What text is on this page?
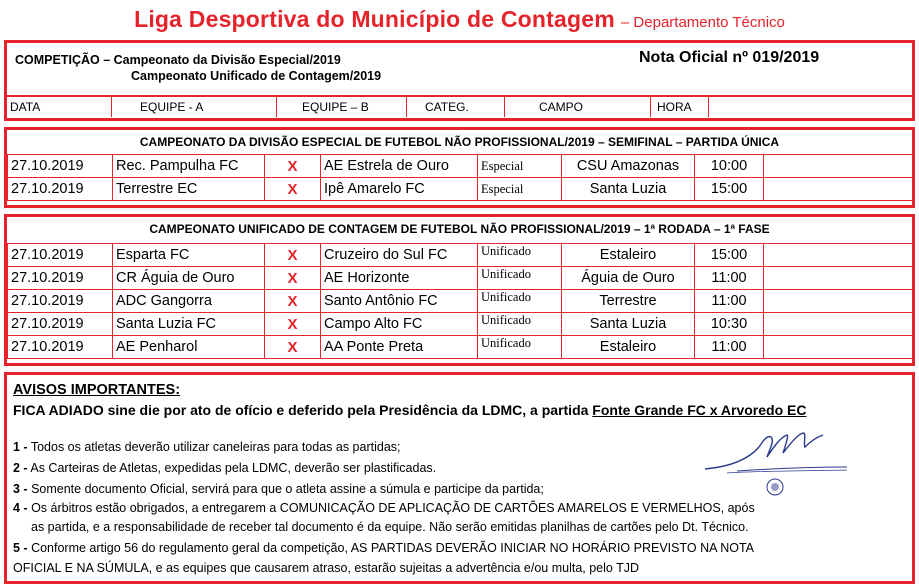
Liga Desportiva do Município de Contagem – Departamento Técnico
COMPETIÇÃO – Campeonato da Divisão Especial/2019
Campeonato Unificado de Contagem/2019
Nota Oficial nº 019/2019
DATA	EQUIPE - A	EQUIPE – B	CATEG.	CAMPO	HORA
CAMPEONATO DA DIVISÃO ESPECIAL DE FUTEBOL NÃO PROFISSIONAL/2019 – SEMIFINAL – PARTIDA ÚNICA
27.10.2019	Rec. Pampulha FC	X	AE Estrela de Ouro	Especial	CSU Amazonas	10:00	
27.10.2019	Terrestre EC	X	Ipê Amarelo FC	Especial	Santa Luzia	15:00	
CAMPEONATO UNIFICADO DE CONTAGEM DE FUTEBOL NÃO PROFISSIONAL/2019 – 1ª RODADA – 1ª FASE
27.10.2019	Esparta FC	X	Cruzeiro do Sul FC	Unificado	Estaleiro	15:00	
27.10.2019	CR Águia de Ouro	X	AE Horizonte	Unificado	Águia de Ouro	11:00	
27.10.2019	ADC Gangorra	X	Santo Antônio FC	Unificado	Terrestre	11:00	
27.10.2019	Santa Luzia FC	X	Campo Alto FC	Unificado	Santa Luzia	10:30	
27.10.2019	AE Penharol	X	AA Ponte Preta	Unificado	Estaleiro	11:00	
AVISOS IMPORTANTES:
FICA ADIADO sine die por ato de ofício e deferido pela Presidência da LDMC, a partida Fonte Grande FC x Arvoredo EC
1 - Todos os atletas deverão utilizar caneleiras para todas as partidas;
2 - As Carteiras de Atletas, expedidas pela LDMC, deverão ser plastificadas.
3 - Somente documento Oficial, servirá para que o atleta assine a súmula e participe da partida;
4 - Os árbitros estão obrigados, a entregarem a COMUNICAÇÃO DE APLICAÇÃO DE CARTÕES AMARELOS E VERMELHOS, após
as partida, e a responsabilidade de receber tal documento é da equipe. Não serão emitidas planilhas de cartões pelo Dt. Técnico.
5 - Conforme artigo 56 do regulamento geral da competição, AS PARTIDAS DEVERÃO INICIAR NO HORÁRIO PREVISTO NA NOTA
OFICIAL E NA SÚMULA, e as equipes que causarem atraso, estarão sujeitas a advertência e/ou multa, pelo TJD
